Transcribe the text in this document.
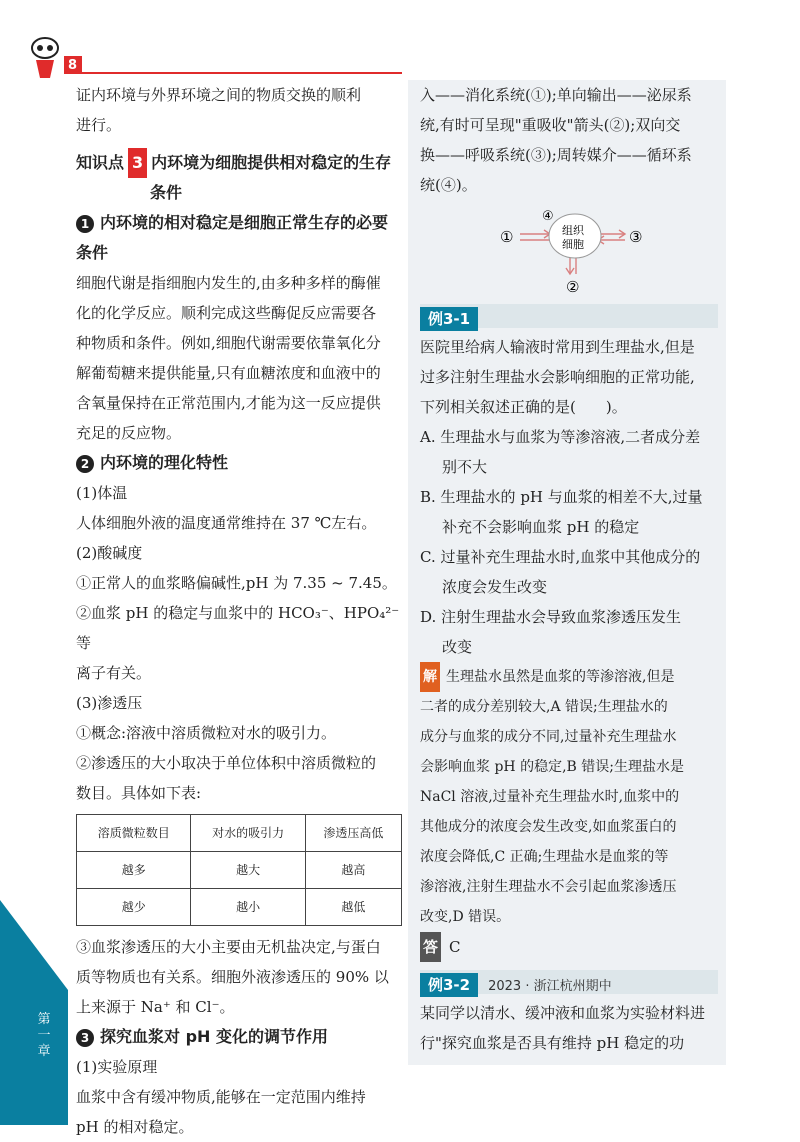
8

证内环境与外界环境之间的物质交换的顺利

进行。

知识点 3 内环境为细胞提供相对稳定的生存

条件

1 内环境的相对稳定是细胞正常生存的必要

条件

细胞代谢是指细胞内发生的,由多种多样的酶催

化的化学反应。顺利完成这些酶促反应需要各

种物质和条件。例如,细胞代谢需要依靠氧化分

解葡萄糖来提供能量,只有血糖浓度和血液中的

含氧量保持在正常范围内,才能为这一反应提供

充足的反应物。

2 内环境的理化特性

(1)体温

人体细胞外液的温度通常维持在 37 ℃左右。

(2)酸碱度

①正常人的血浆略偏碱性,pH 为 7.35 ~ 7.45。

②血浆 pH 的稳定与血浆中的 HCO₃⁻、HPO₄²⁻ 等

离子有关。

(3)渗透压

①概念:溶液中溶质微粒对水的吸引力。

②渗透压的大小取决于单位体积中溶质微粒的

数目。具体如下表:

溶质微粒数目	对水的吸引力	渗透压高低
越多	越大	越高
越少	越小	越低

③血浆渗透压的大小主要由无机盐决定,与蛋白

质等物质也有关系。细胞外液渗透压的 90% 以

上来源于 Na⁺ 和 Cl⁻。

3 探究血浆对 pH 变化的调节作用

(1)实验原理

血浆中含有缓冲物质,能够在一定范围内维持

pH 的相对稳定。

入——消化系统(①);单向输出——泌尿系

统,有时可呈现"重吸收"箭头(②);双向交

换——呼吸系统(③);周转媒介——循环系

统(④)。

①
④
③
②
组织
细胞
例3-1

医院里给病人输液时常用到生理盐水,但是

过多注射生理盐水会影响细胞的正常功能,

下列相关叙述正确的是(　　)。

A. 生理盐水与血浆为等渗溶液,二者成分差

别不大

B. 生理盐水的 pH 与血浆的相差不大,过量

补充不会影响血浆 pH 的稳定

C. 过量补充生理盐水时,血浆中其他成分的

浓度会发生改变

D. 注射生理盐水会导致血浆渗透压发生

改变

解 生理盐水虽然是血浆的等渗溶液,但是

二者的成分差别较大,A 错误;生理盐水的

成分与血浆的成分不同,过量补充生理盐水

会影响血浆 pH 的稳定,B 错误;生理盐水是

NaCl 溶液,过量补充生理盐水时,血浆中的

其他成分的浓度会发生改变,如血浆蛋白的

浓度会降低,C 正确;生理盐水是血浆的等

渗溶液,注射生理盐水不会引起血浆渗透压

改变,D 错误。

答 C

例3-2 2023 · 浙江杭州期中

某同学以清水、缓冲液和血浆为实验材料进

行"探究血浆是否具有维持 pH 稳定的功

第一章
